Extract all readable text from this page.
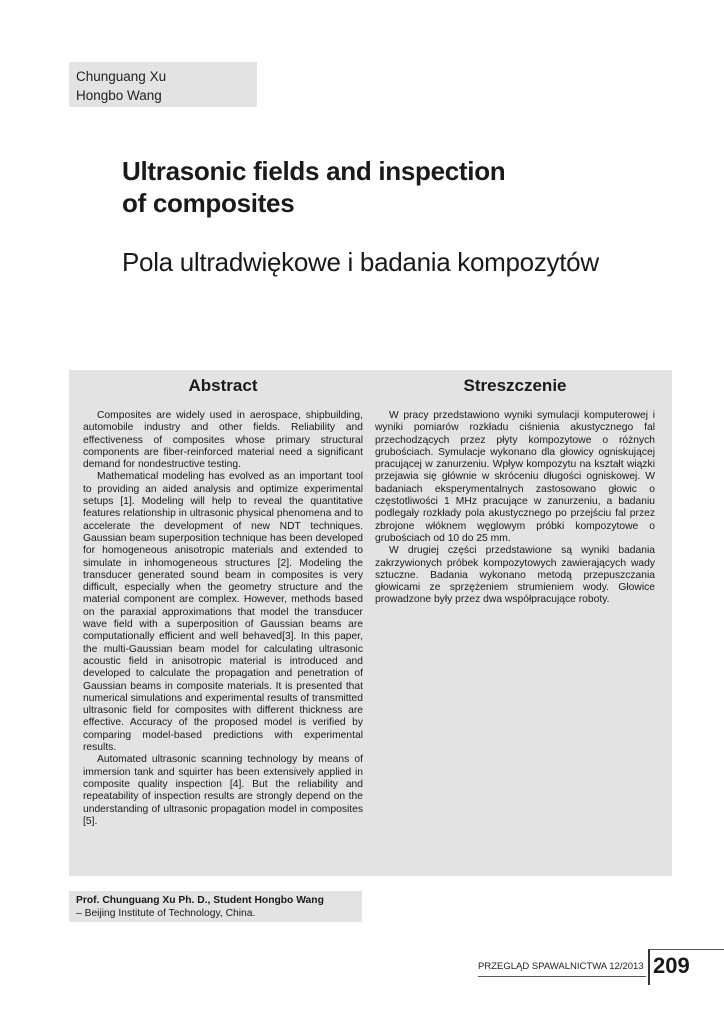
Chunguang Xu
Hongbo Wang
Ultrasonic fields and inspection
of composites
Pola ultradwiękowe i badania kompozytów
Abstract

Composites are widely used in aerospace, shipbuilding, automobile industry and other fields. Reliability and effectiveness of composites whose primary structural components are fiber-reinforced material need a significant demand for nondestructive testing.

Mathematical modeling has evolved as an important tool to providing an aided analysis and optimize experimental setups [1]. Modeling will help to reveal the quantitative features relationship in ultrasonic physical phenomena and to accelerate the development of new NDT techniques. Gaussian beam superposition technique has been developed for homogeneous anisotropic materials and extended to simulate in inhomogeneous structures [2]. Modeling the transducer generated sound beam in composites is very difficult, especially when the geometry structure and the material component are complex. However, methods based on the paraxial approximations that model the transducer wave field with a superposition of Gaussian beams are computationally efficient and well behaved[3]. In this paper, the multi-Gaussian beam model for calculating ultrasonic acoustic field in anisotropic material is introduced and developed to calculate the propagation and penetration of Gaussian beams in composite materials. It is presented that numerical simulations and experimental results of transmitted ultrasonic field for composites with different thickness are effective. Accuracy of the proposed model is verified by comparing model-based predictions with experimental results.

Automated ultrasonic scanning technology by means of immersion tank and squirter has been extensively applied in composite quality inspection [4]. But the reliability and repeatability of inspection results are strongly depend on the understanding of ultrasonic propagation model in composites [5].

Streszczenie

W pracy przedstawiono wyniki symulacji komputerowej i wyniki pomiarów rozkładu ciśnienia akustycznego fal przechodzących przez płyty kompozytowe o różnych grubościach. Symulacje wykonano dla głowicy ogniskującej pracującej w zanurzeniu. Wpływ kompozytu na kształt wiązki przejawia się głównie w skróceniu długości ogniskowej. W badaniach eksperymentalnych zastosowano głowic o częstotliwości 1 MHz pracujące w zanurzeniu, a badaniu podlegały rozkłady pola akustycznego po przejściu fal przez zbrojone włóknem węglowym próbki kompozytowe o grubościach od 10 do 25 mm.

W drugiej części przedstawione są wyniki badania zakrzywionych próbek kompozytowych zawierających wady sztuczne. Badania wykonano metodą przepuszczania głowicami ze sprzężeniem strumieniem wody. Głowice prowadzone były przez dwa współpracujące roboty.

Prof. Chunguang Xu Ph. D., Student Hongbo Wang
– Beijing Institute of Technology, China.
PRZEGLĄD SPAWALNICTWA 12/2013 209
